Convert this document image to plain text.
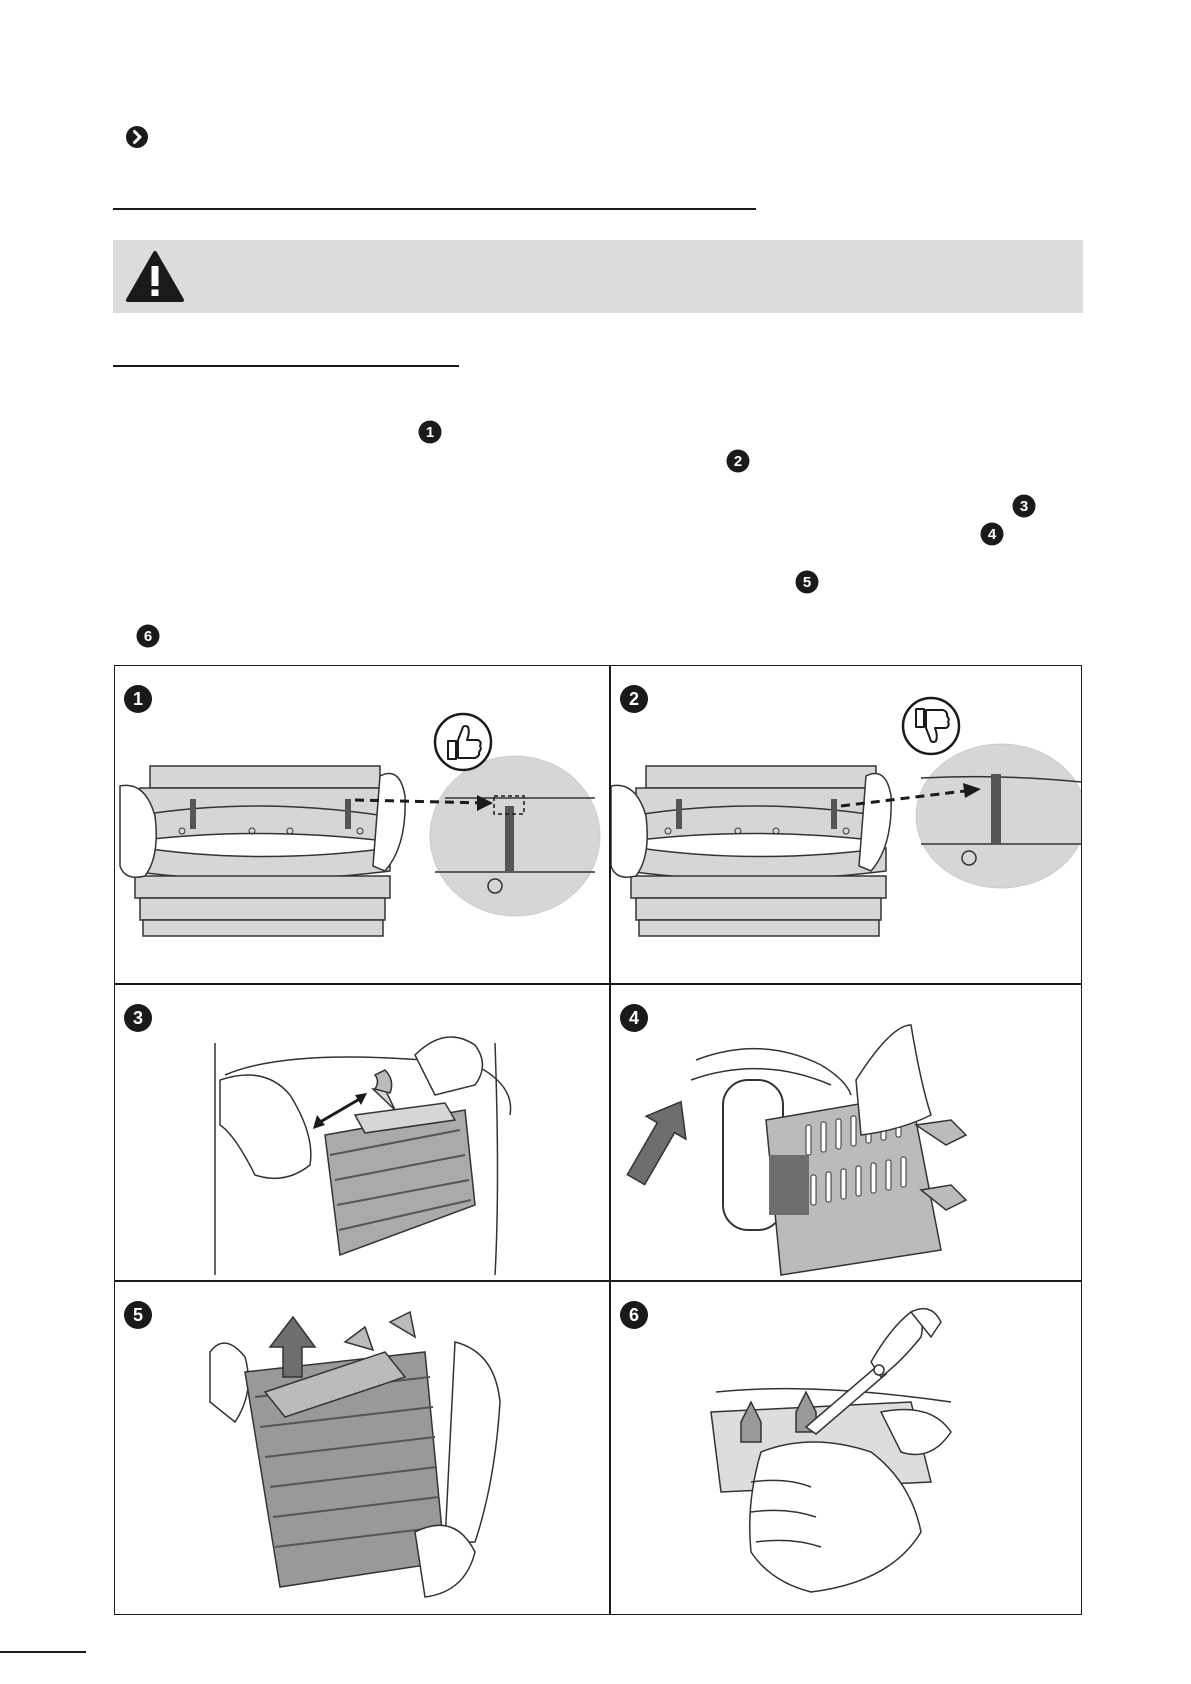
1
2
3
4
5
6
1	2
3	4
5	6
